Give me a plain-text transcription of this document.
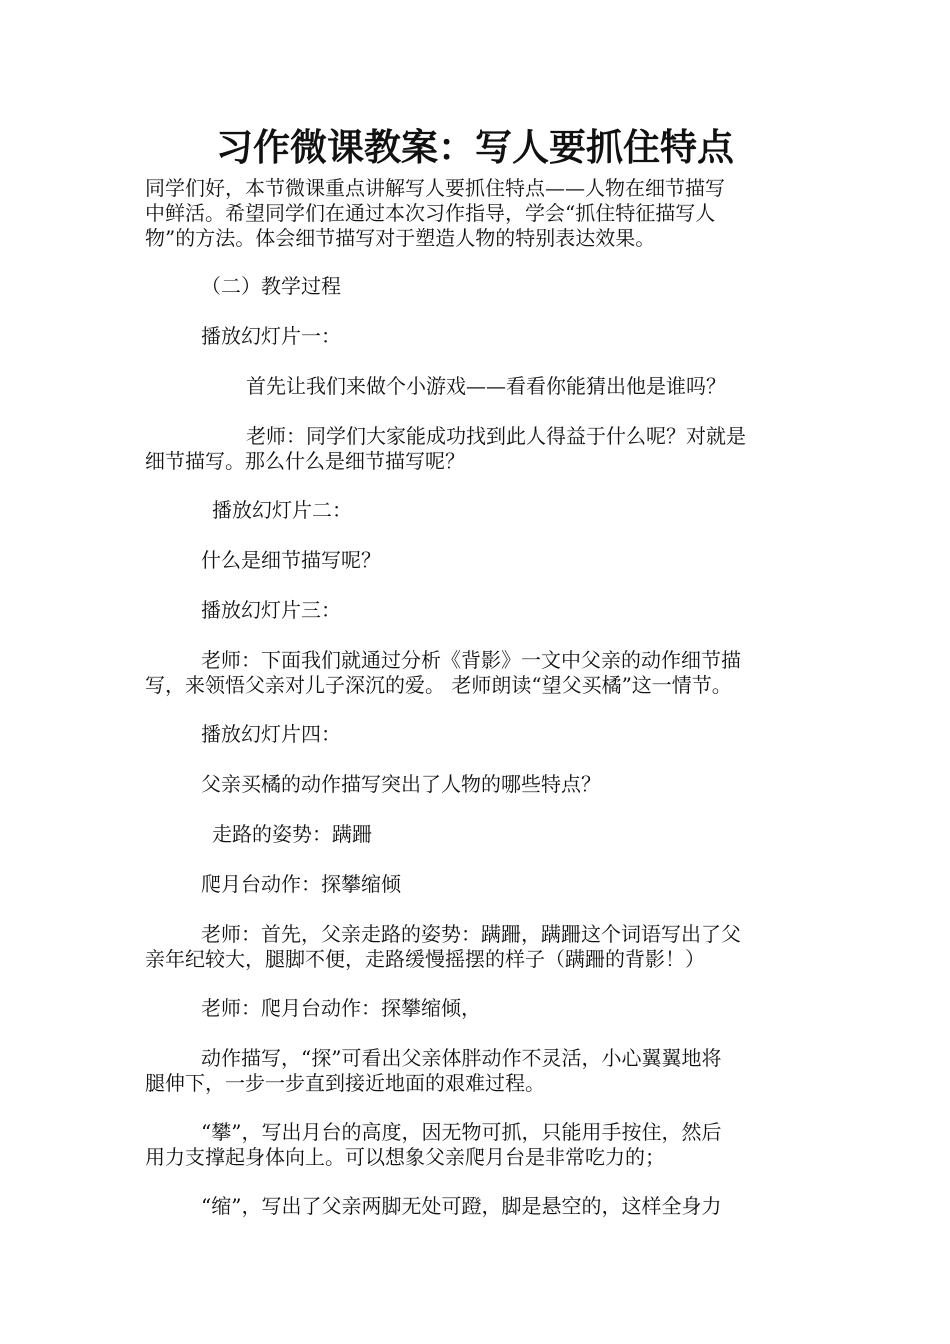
习作微课教案：写人要抓住特点

同学们好，本节微课重点讲解写人要抓住特点——人物在细节描写
中鲜活。希望同学们在通过本次习作指导，学会“抓住特征描写人
物”的方法。体会细节描写对于塑造人物的特别表达效果。

（二）教学过程

播放幻灯片一：

首先让我们来做个小游戏——看看你能猜出他是谁吗？

老师：同学们大家能成功找到此人得益于什么呢？对就是
细节描写。那么什么是细节描写呢？

播放幻灯片二：

什么是细节描写呢？

播放幻灯片三：

老师：下面我们就通过分析《背影》一文中父亲的动作细节描
写，来领悟父亲对儿子深沉的爱。 老师朗读“望父买橘”这一情节。

播放幻灯片四：

父亲买橘的动作描写突出了人物的哪些特点？

走路的姿势：蹒跚

爬月台动作：探攀缩倾

老师：首先，父亲走路的姿势：蹒跚，蹒跚这个词语写出了父
亲年纪较大，腿脚不便，走路缓慢摇摆的样子（蹒跚的背影！）

老师：爬月台动作：探攀缩倾，

动作描写，“探”可看出父亲体胖动作不灵活，小心翼翼地将
腿伸下，一步一步直到接近地面的艰难过程。

“攀”，写出月台的高度，因无物可抓，只能用手按住，然后
用力支撑起身体向上。可以想象父亲爬月台是非常吃力的；

“缩”，写出了父亲两脚无处可蹬，脚是悬空的，这样全身力
